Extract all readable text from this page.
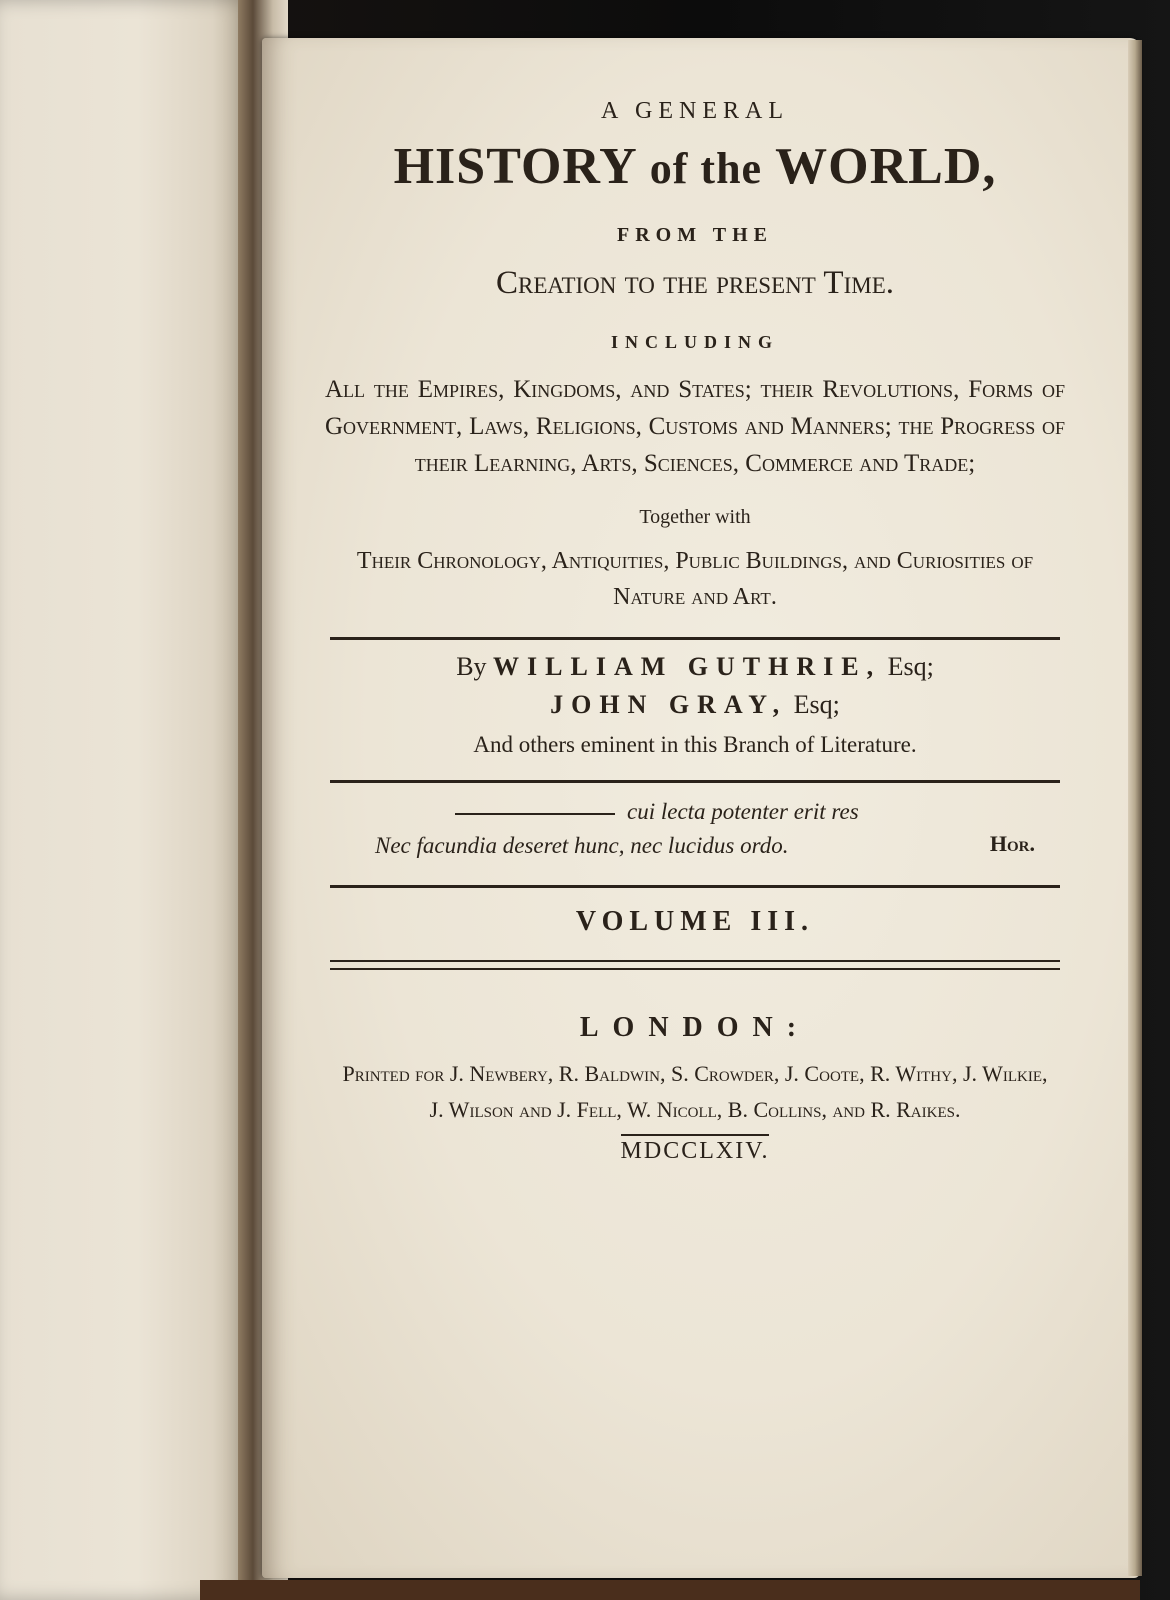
A GENERAL
HISTORY of the WORLD,
FROM THE
Creation to the present Time.
INCLUDING
All the Empires, Kingdoms, and States; their Revolutions, Forms of Government, Laws, Religions, Customs and Manners; the Progress of their Learning, Arts, Sciences, Commerce and Trade;
Together with
Their Chronology, Antiquities, Public Buildings, and Curiosities of Nature and Art.
By WILLIAM GUTHRIE, Esq;
JOHN GRAY, Esq;
And others eminent in this Branch of Literature.
cui lecta potenter erit res
Nec facundia deseret hunc, nec lucidus ordo.	Hor.
VOLUME III.
LONDON:
Printed for J. Newbery, R. Baldwin, S. Crowder, J. Coote, R. Withy, J. Wilkie, J. Wilson and J. Fell, W. Nicoll, B. Collins, and R. Raikes.
MDCCLXIV.
